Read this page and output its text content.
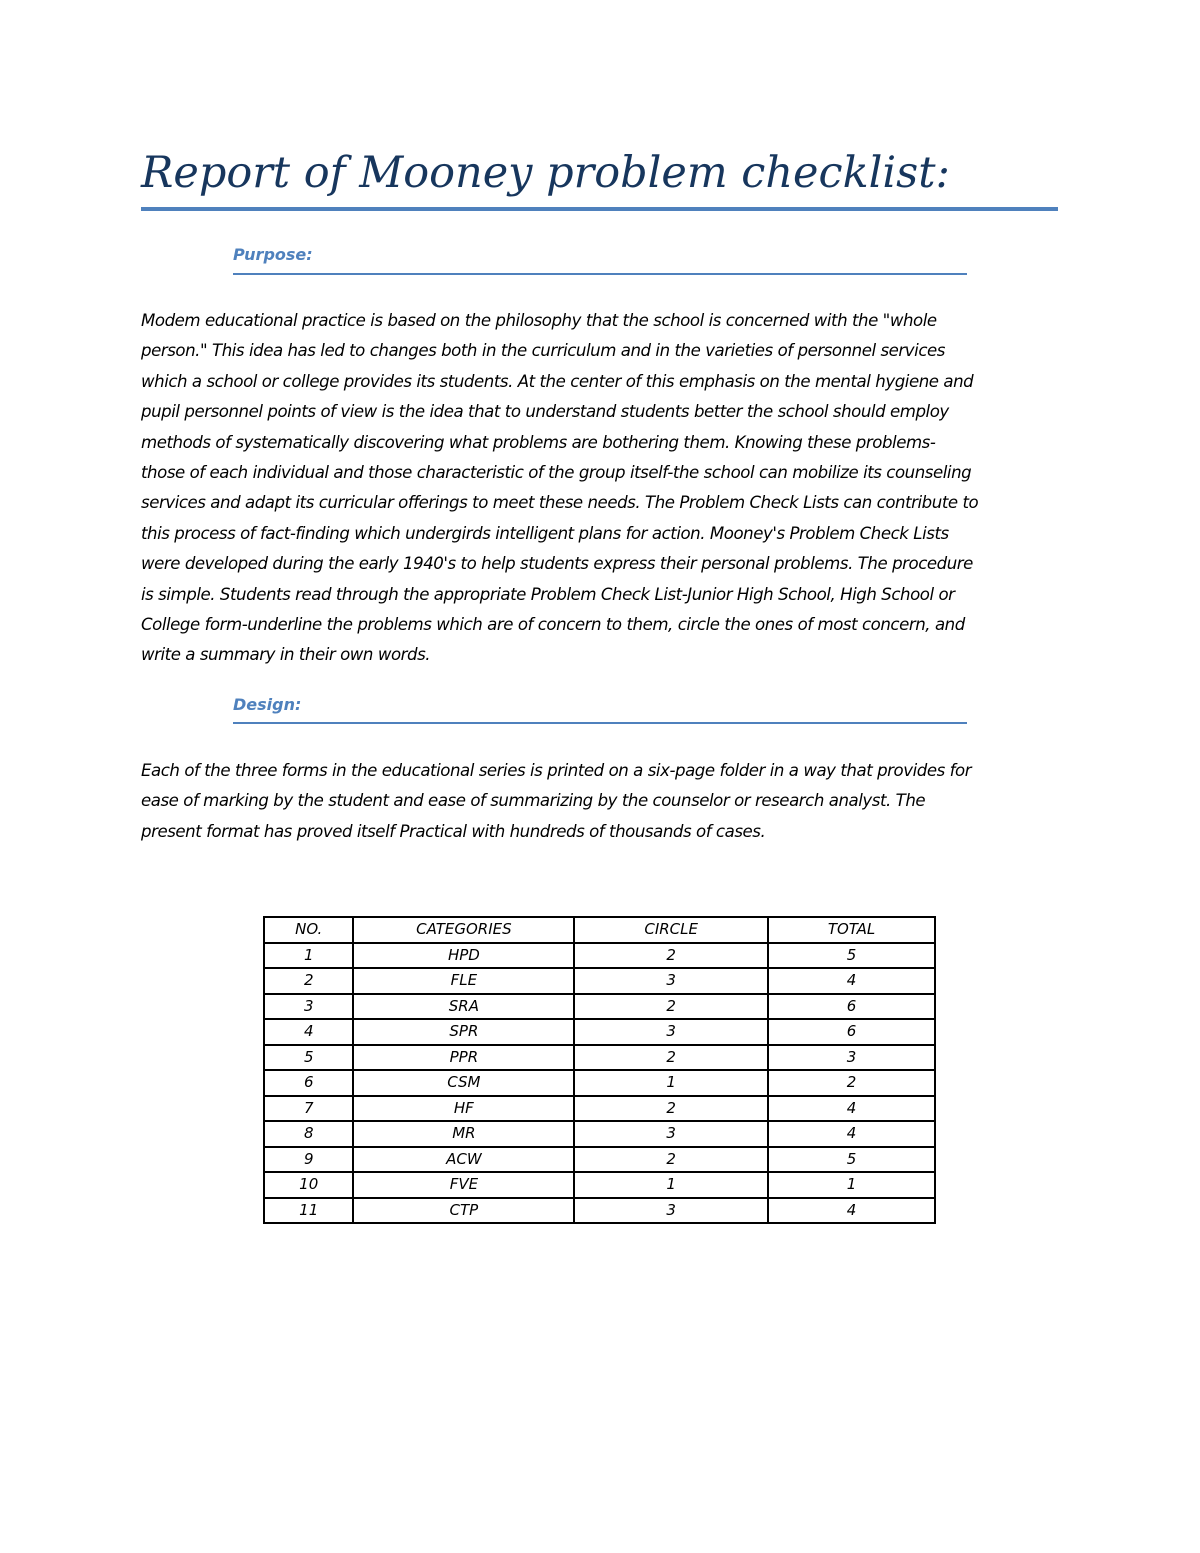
Report of Mooney problem checklist:
Purpose:

Modem educational practice is based on the philosophy that the school is concerned with the "whole
person." This idea has led to changes both in the curriculum and in the varieties of personnel services
which a school or college provides its students. At the center of this emphasis on the mental hygiene and
pupil personnel points of view is the idea that to understand students better the school should employ
methods of systematically discovering what problems are bothering them. Knowing these problems-
those of each individual and those characteristic of the group itself-the school can mobilize its counseling
services and adapt its curricular offerings to meet these needs. The Problem Check Lists can contribute to
this process of fact-finding which undergirds intelligent plans for action. Mooney's Problem Check Lists
were developed during the early 1940's to help students express their personal problems. The procedure
is simple. Students read through the appropriate Problem Check List-Junior High School, High School or
College form-underline the problems which are of concern to them, circle the ones of most concern, and
write a summary in their own words.

Design:

Each of the three forms in the educational series is printed on a six-page folder in a way that provides for
ease of marking by the student and ease of summarizing by the counselor or research analyst. The
present format has proved itself Practical with hundreds of thousands of cases.

NO.	CATEGORIES	CIRCLE	TOTAL
1	HPD	2	5
2	FLE	3	4
3	SRA	2	6
4	SPR	3	6
5	PPR	2	3
6	CSM	1	2
7	HF	2	4
8	MR	3	4
9	ACW	2	5
10	FVE	1	1
11	CTP	3	4
